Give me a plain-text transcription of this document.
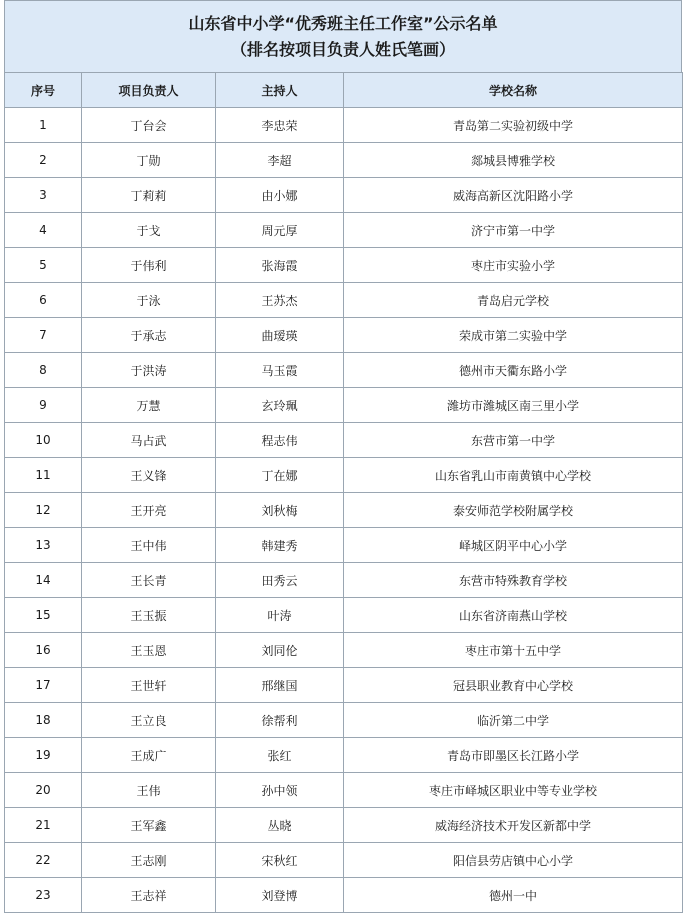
山东省中小学“优秀班主任工作室”公示名单
（排名按项目负责人姓氏笔画）
序号	项目负责人	主持人	学校名称
1	丁台会	李忠荣	青岛第二实验初级中学
2	丁勋	李超	郯城县博雅学校
3	丁莉莉	由小娜	威海高新区沈阳路小学
4	于戈	周元厚	济宁市第一中学
5	于伟利	张海霞	枣庄市实验小学
6	于泳	王苏杰	青岛启元学校
7	于承志	曲瑷瑛	荣成市第二实验中学
8	于洪涛	马玉霞	德州市天衢东路小学
9	万慧	玄玲珮	潍坊市潍城区南三里小学
10	马占武	程志伟	东营市第一中学
11	王义锋	丁在娜	山东省乳山市南黄镇中心学校
12	王开亮	刘秋梅	泰安师范学校附属学校
13	王中伟	韩建秀	峄城区阴平中心小学
14	王长青	田秀云	东营市特殊教育学校
15	王玉振	叶涛	山东省济南燕山学校
16	王玉恩	刘同伦	枣庄市第十五中学
17	王世轩	邢继国	冠县职业教育中心学校
18	王立良	徐帮利	临沂第二中学
19	王成广	张红	青岛市即墨区长江路小学
20	王伟	孙中领	枣庄市峄城区职业中等专业学校
21	王军鑫	丛晓	威海经济技术开发区新都中学
22	王志刚	宋秋红	阳信县劳店镇中心小学
23	王志祥	刘登博	德州一中
